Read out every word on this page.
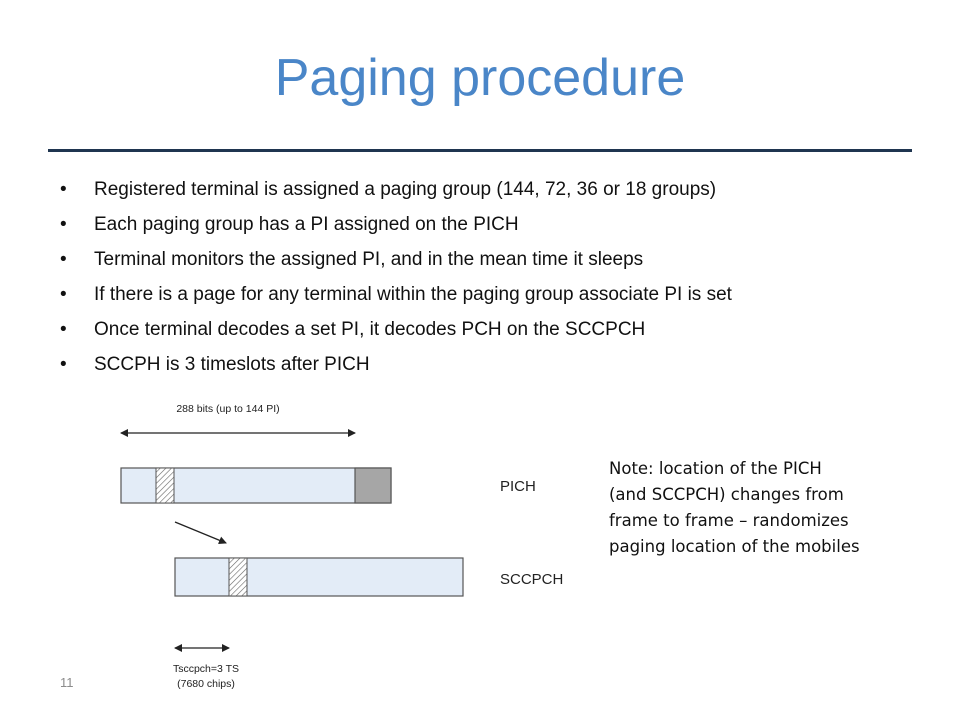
Paging procedure
• Registered terminal is assigned a paging group (144, 72, 36 or 18 groups)
• Each paging group has a PI assigned on the PICH
• Terminal monitors the assigned PI, and in the mean time it sleeps
• If there is a page for any terminal within the paging group associate PI is set
• Once terminal decodes a set PI, it decodes PCH on the SCCPCH
• SCCPH is 3 timeslots after PICH
288 bits (up to 144 PI)
PICH
SCCPCH
Tsccpch=3 TS
(7680 chips)
Note: location of the PICH
(and SCCPCH) changes from
frame to frame – randomizes
paging location of the mobiles
11
